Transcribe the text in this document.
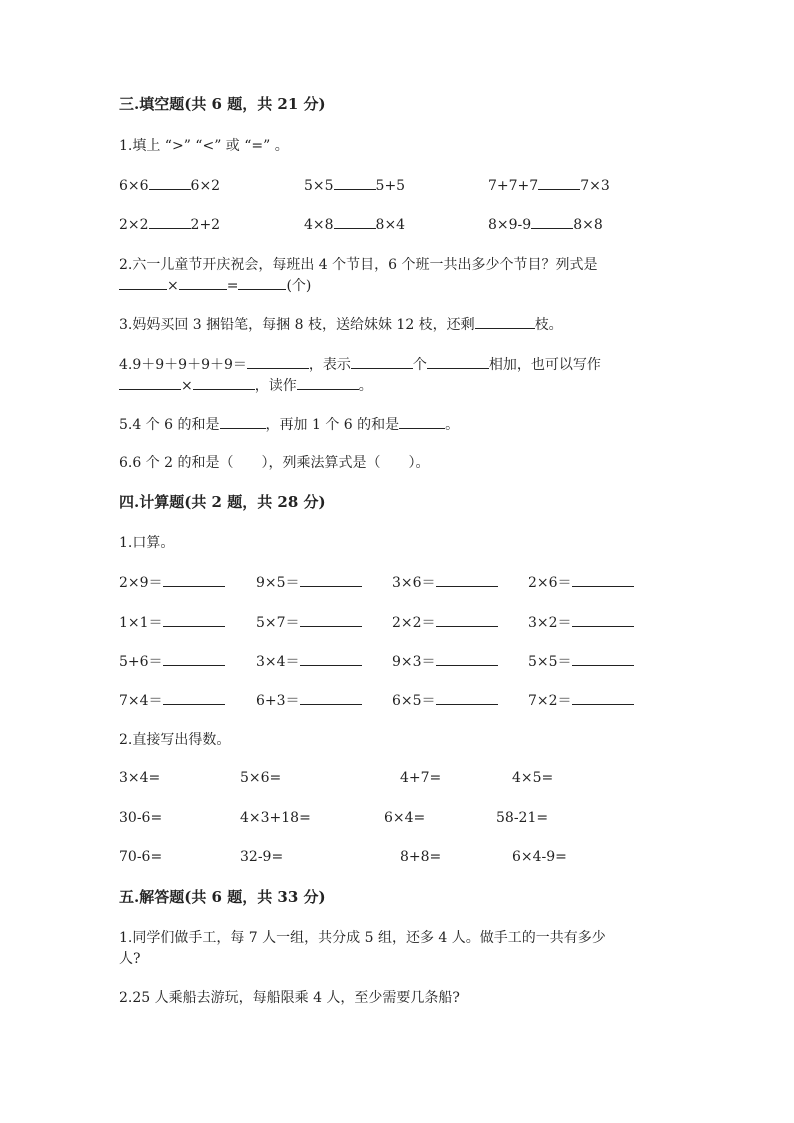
三.填空题(共 6 题，共 21 分)
1.填上 “>” “<” 或 “=” 。
6×6	6×2	5×5	5+5	7+7+7	7×3
2×2	2+2	4×8	8×4	8×9-9	8×8
2.六一儿童节开庆祝会，每班出 4 个节目，6 个班一共出多少个节目？列式是
×	=	(个)
3.妈妈买回 3 捆铅笔，每捆 8 枝，送给妹妹 12 枝，还剩	枝。
4.9＋9＋9＋9＋9＝	，表示	个	相加，也可以写作
×	，读作	。
5.4 个 6 的和是	，再加 1 个 6 的和是	。
6.6 个 2 的和是（　　），列乘法算式是（　　）。
四.计算题(共 2 题，共 28 分)
1.口算。
2×9＝	9×5＝	3×6＝	2×6＝
1×1＝	5×7＝	2×2＝	3×2＝
5+6＝	3×4＝	9×3＝	5×5＝
7×4＝	6+3＝	6×5＝	7×2＝
2.直接写出得数。
3×4=	5×6=	4+7=	4×5=
30-6=	4×3+18=	6×4=	58-21=
70-6=	32-9=	8+8=	6×4-9=
五.解答题(共 6 题，共 33 分)
1.同学们做手工，每 7 人一组，共分成 5 组，还多 4 人。做手工的一共有多少
人?
2.25 人乘船去游玩，每船限乘 4 人，至少需要几条船?
